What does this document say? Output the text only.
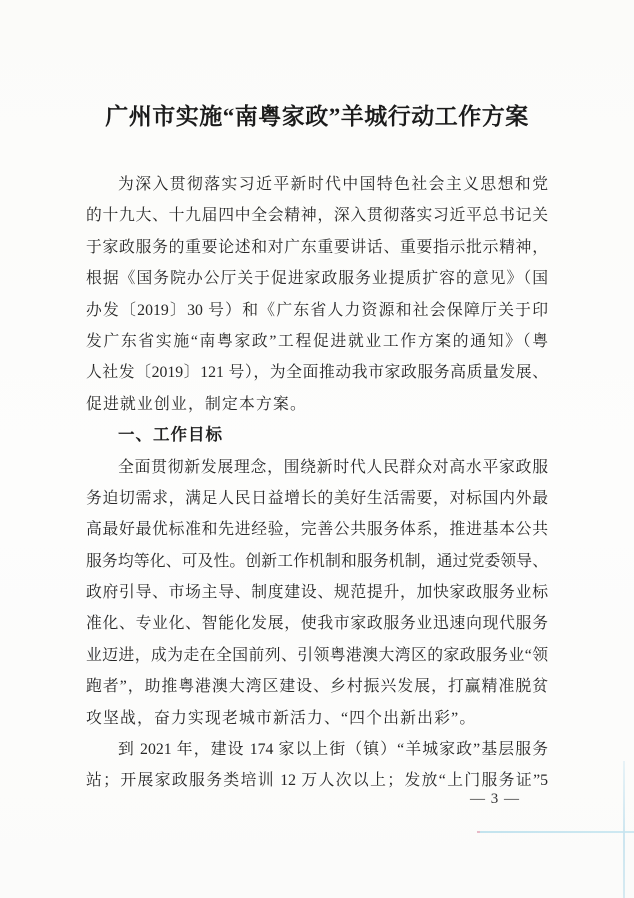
广州市实施“南粤家政”羊城行动工作方案
为深入贯彻落实习近平新时代中国特色社会主义思想和党
的十九大、十九届四中全会精神，深入贯彻落实习近平总书记关
于家政服务的重要论述和对广东重要讲话、重要指示批示精神，
根据《国务院办公厅关于促进家政服务业提质扩容的意见》（国
办发〔2019〕30 号）和《广东省人力资源和社会保障厅关于印
发广东省实施“南粤家政”工程促进就业工作方案的通知》（粤
人社发〔2019〕121 号），为全面推动我市家政服务高质量发展、
促进就业创业，制定本方案。
一、工作目标
全面贯彻新发展理念，围绕新时代人民群众对高水平家政服
务迫切需求，满足人民日益增长的美好生活需要，对标国内外最
高最好最优标准和先进经验，完善公共服务体系，推进基本公共
服务均等化、可及性。创新工作机制和服务机制，通过党委领导、
政府引导、市场主导、制度建设、规范提升，加快家政服务业标
准化、专业化、智能化发展，使我市家政服务业迅速向现代服务
业迈进，成为走在全国前列、引领粤港澳大湾区的家政服务业“领
跑者”，助推粤港澳大湾区建设、乡村振兴发展，打赢精准脱贫
攻坚战，奋力实现老城市新活力、“四个出新出彩”。
到 2021 年，建设 174 家以上街（镇）“羊城家政”基层服务
站；开展家政服务类培训 12 万人次以上；发放“上门服务证”5
— 3 —
